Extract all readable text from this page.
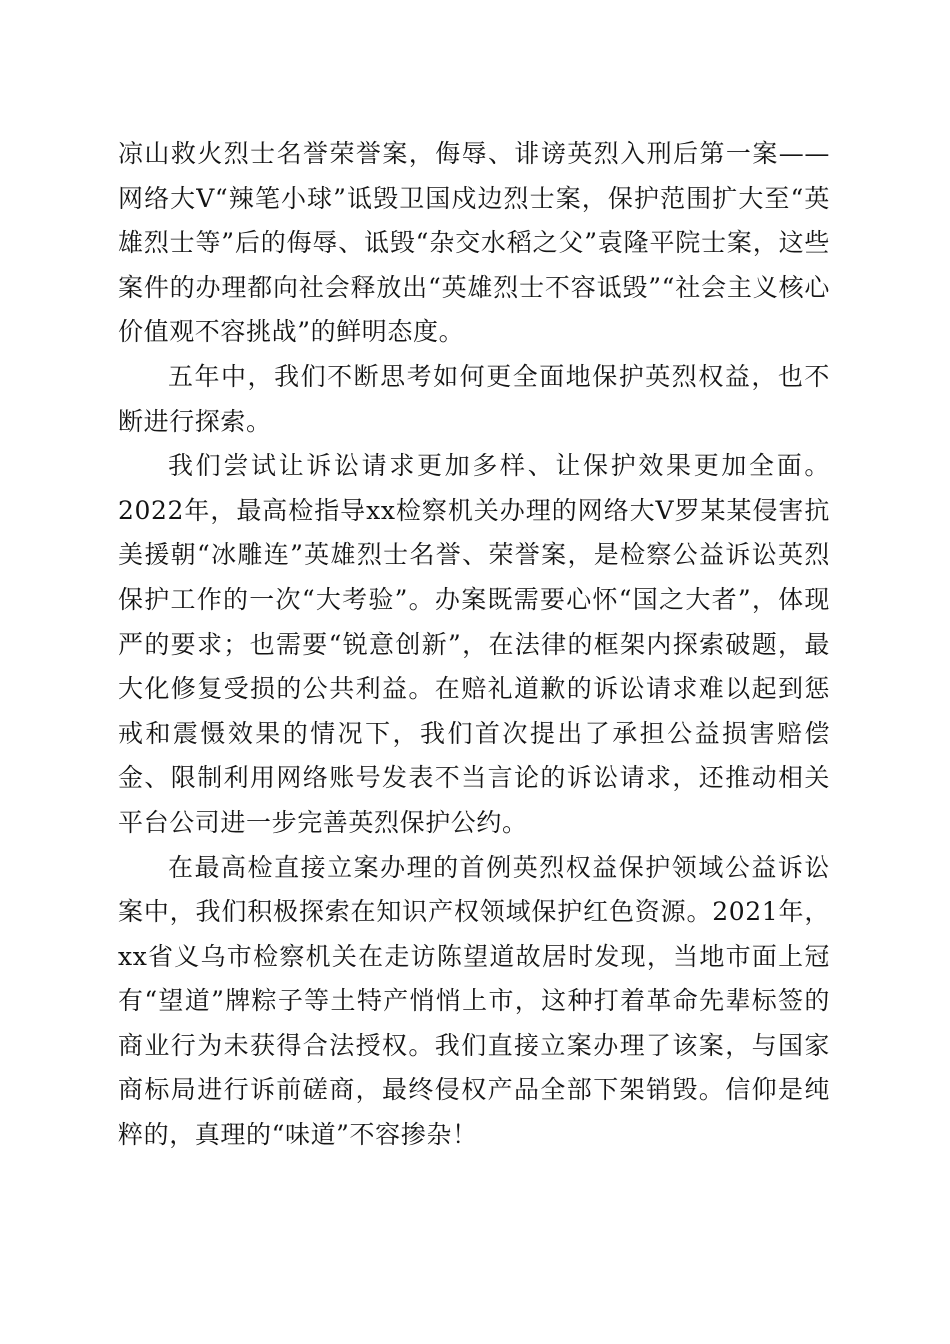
凉山救火烈士名誉荣誉案，侮辱、诽谤英烈入刑后第一案——网络大V“辣笔小球”诋毁卫国戍边烈士案，保护范围扩大至“英雄烈士等”后的侮辱、诋毁“杂交水稻之父”袁隆平院士案，这些案件的办理都向社会释放出“英雄烈士不容诋毁”“社会主义核心价值观不容挑战”的鲜明态度。

五年中，我们不断思考如何更全面地保护英烈权益，也不断进行探索。

我们尝试让诉讼请求更加多样、让保护效果更加全面。2022年，最高检指导xx检察机关办理的网络大V罗某某侵害抗美援朝“冰雕连”英雄烈士名誉、荣誉案，是检察公益诉讼英烈保护工作的一次“大考验”。办案既需要心怀“国之大者”，体现严的要求；也需要“锐意创新”，在法律的框架内探索破题，最大化修复受损的公共利益。在赔礼道歉的诉讼请求难以起到惩戒和震慑效果的情况下，我们首次提出了承担公益损害赔偿金、限制利用网络账号发表不当言论的诉讼请求，还推动相关平台公司进一步完善英烈保护公约。

在最高检直接立案办理的首例英烈权益保护领域公益诉讼案中，我们积极探索在知识产权领域保护红色资源。2021年，xx省义乌市检察机关在走访陈望道故居时发现，当地市面上冠有“望道”牌粽子等土特产悄悄上市，这种打着革命先辈标签的商业行为未获得合法授权。我们直接立案办理了该案，与国家商标局进行诉前磋商，最终侵权产品全部下架销毁。信仰是纯粹的，真理的“味道”不容掺杂！
